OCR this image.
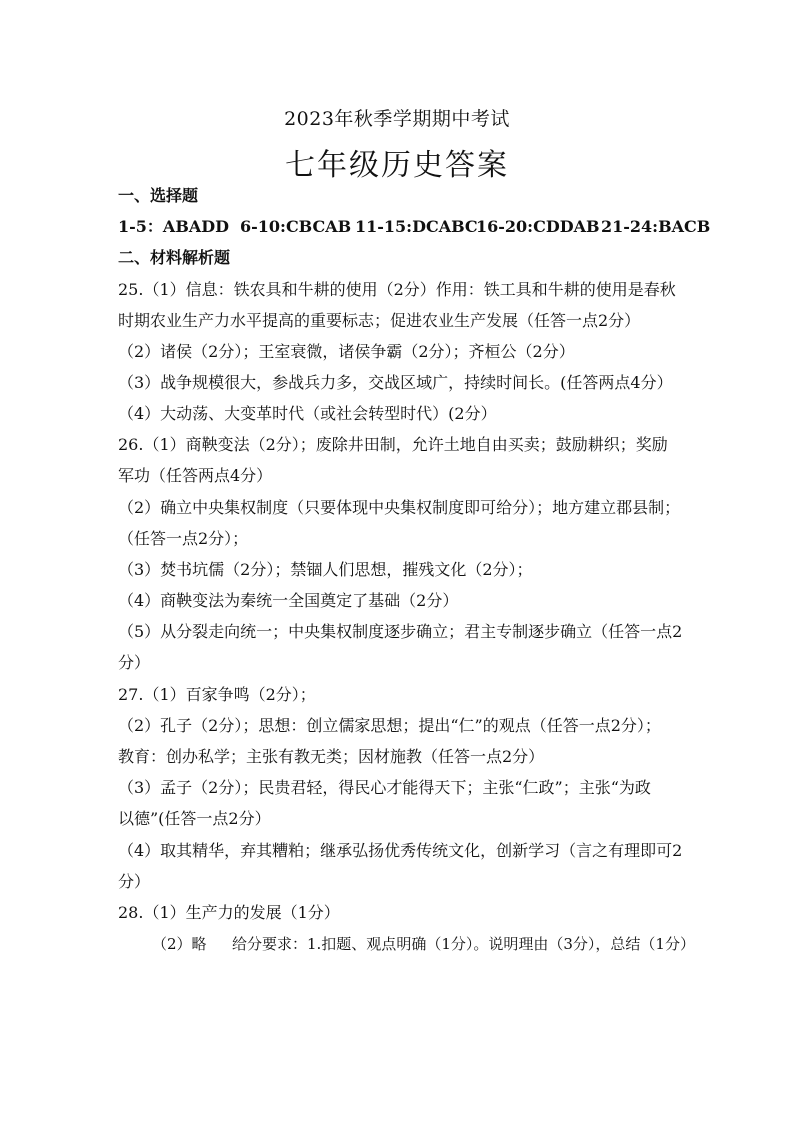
2023年秋季学期期中考试
七年级历史答案
一、选择题
1-5：ABADD 6-10:CBCAB 11-15:DCABC16-20:CDDAB21-24:BACB
二、材料解析题
25.（1）信息：铁农具和牛耕的使用（2分）作用：铁工具和牛耕的使用是春秋
时期农业生产力水平提高的重要标志；促进农业生产发展（任答一点2分）
（2）诸侯（2分）；王室衰微，诸侯争霸（2分）；齐桓公（2分）
（3）战争规模很大，参战兵力多，交战区域广，持续时间长。(任答两点4分）
（4）大动荡、大变革时代（或社会转型时代）(2分）
26.（1）商鞅变法（2分）；废除井田制，允许土地自由买卖；鼓励耕织；奖励
军功（任答两点4分）
（2）确立中央集权制度（只要体现中央集权制度即可给分）；地方建立郡县制；
（任答一点2分）；
（3）焚书坑儒（2分）；禁锢人们思想，摧残文化（2分）；
（4）商鞅变法为秦统一全国奠定了基础（2分）
（5）从分裂走向统一；中央集权制度逐步确立；君主专制逐步确立（任答一点2
分）
27.（1）百家争鸣（2分）；
（2）孔子（2分）；思想：创立儒家思想；提出“仁”的观点（任答一点2分）；
教育：创办私学；主张有教无类；因材施教（任答一点2分）
（3）孟子（2分）；民贵君轻，得民心才能得天下；主张“仁政”；主张“为政
以德”(任答一点2分）
（4）取其精华，弃其糟粕；继承弘扬优秀传统文化，创新学习（言之有理即可2
分）
28.（1）生产力的发展（1分）
（2）略 给分要求：1.扣题、观点明确（1分）。说明理由（3分），总结（1分）
